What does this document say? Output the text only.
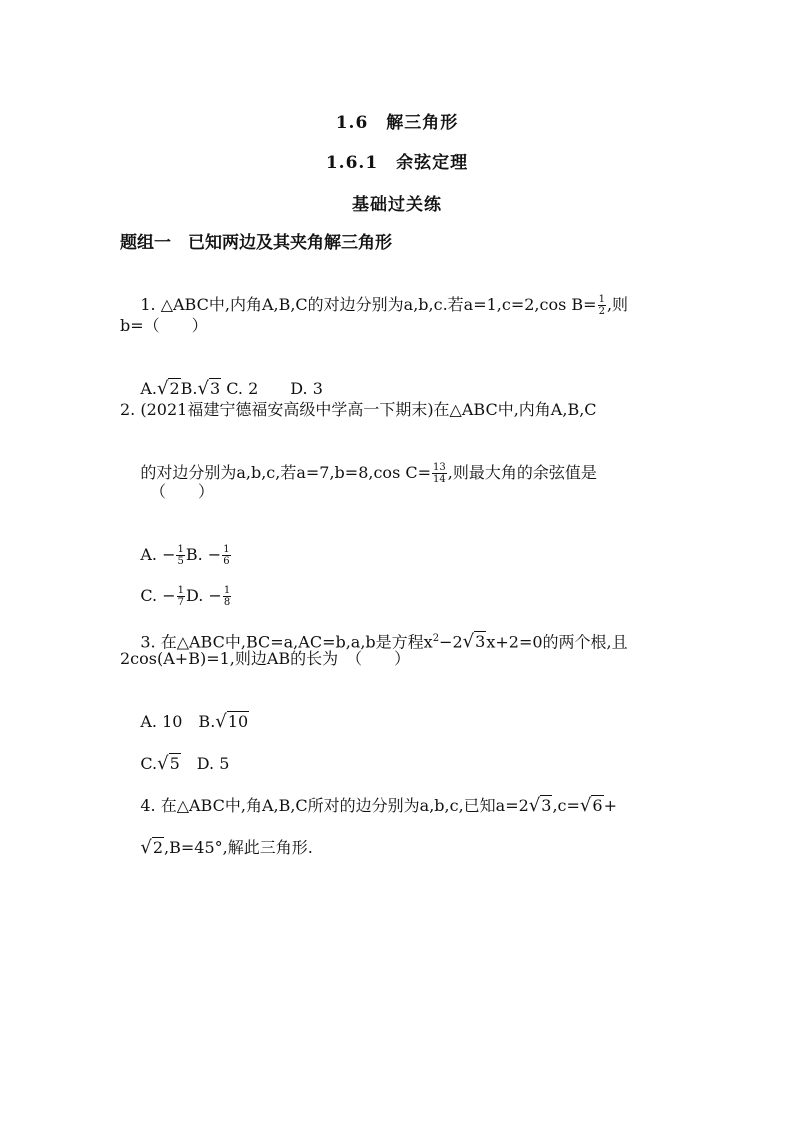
1.6　解三角形
1.6.1　余弦定理
基础过关练
题组一　已知两边及其夹角解三角形

1. △ABC中,内角A,B,C的对边分别为a,b,c.若a=1,c=2,cos $B= \frac{1}{2}$ ,则

b=（　　）

A.√2B.√3 C. 2　　D. 3

2. (2021福建宁德福安高级中学高一下期末)在△ABC中,内角A,B,C

的对边分别为a,b,c,若a=7,b=8,cos $C= \frac{13}{14}$ ,则最大角的余弦值是

（　　）

A. − $\frac{1}{5} B$. − $\frac{1}{6}$

C. − $\frac{1}{7} D$. − $\frac{1}{8}$

3. 在△ABC中,BC=a,AC=b,a,b是方程$x^2-2√3x+2=0$的两个根,且

2cos(A+B)=1,则边AB的长为　（　　）

A. 10　B.√10

C.√5　D. 5

4. 在△ABC中,角A,B,C所对的边分别为a,b,c,已知a=2√3,c=√6+

√2,B=45°,解此三角形.
